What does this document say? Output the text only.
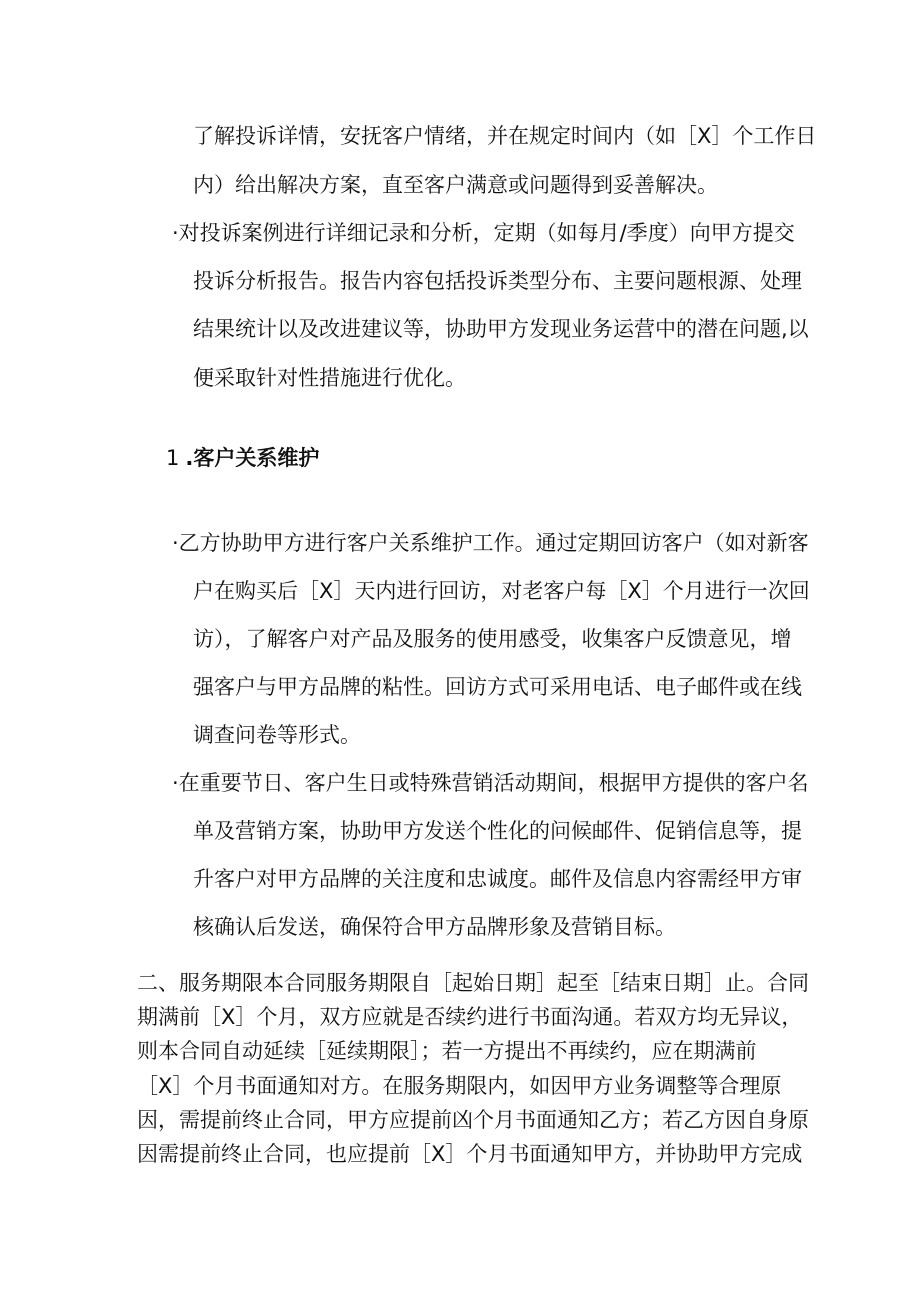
了解投诉详情，安抚客户情绪，并在规定时间内（如［X］个工作日
内）给出解决方案，直至客户满意或问题得到妥善解决。
·对投诉案例进行详细记录和分析，定期（如每月/季度）向甲方提交
投诉分析报告。报告内容包括投诉类型分布、主要问题根源、处理
结果统计以及改进建议等，协助甲方发现业务运营中的潜在问题,以
便采取针对性措施进行优化。
1 .客户关系维护
·乙方协助甲方进行客户关系维护工作。通过定期回访客户（如对新客
户在购买后［X］天内进行回访，对老客户每［X］个月进行一次回
访），了解客户对产品及服务的使用感受，收集客户反馈意见，增
强客户与甲方品牌的粘性。回访方式可采用电话、电子邮件或在线
调查问卷等形式。
·在重要节日、客户生日或特殊营销活动期间，根据甲方提供的客户名
单及营销方案，协助甲方发送个性化的问候邮件、促销信息等，提
升客户对甲方品牌的关注度和忠诚度。邮件及信息内容需经甲方审
核确认后发送，确保符合甲方品牌形象及营销目标。
二、服务期限本合同服务期限自［起始日期］起至［结束日期］止。合同
期满前［X］个月，双方应就是否续约进行书面沟通。若双方均无异议，
则本合同自动延续［延续期限］；若一方提出不再续约，应在期满前
［X］个月书面通知对方。在服务期限内，如因甲方业务调整等合理原
因，需提前终止合同，甲方应提前凶个月书面通知乙方；若乙方因自身原
因需提前终止合同，也应提前［X］个月书面通知甲方，并协助甲方完成
